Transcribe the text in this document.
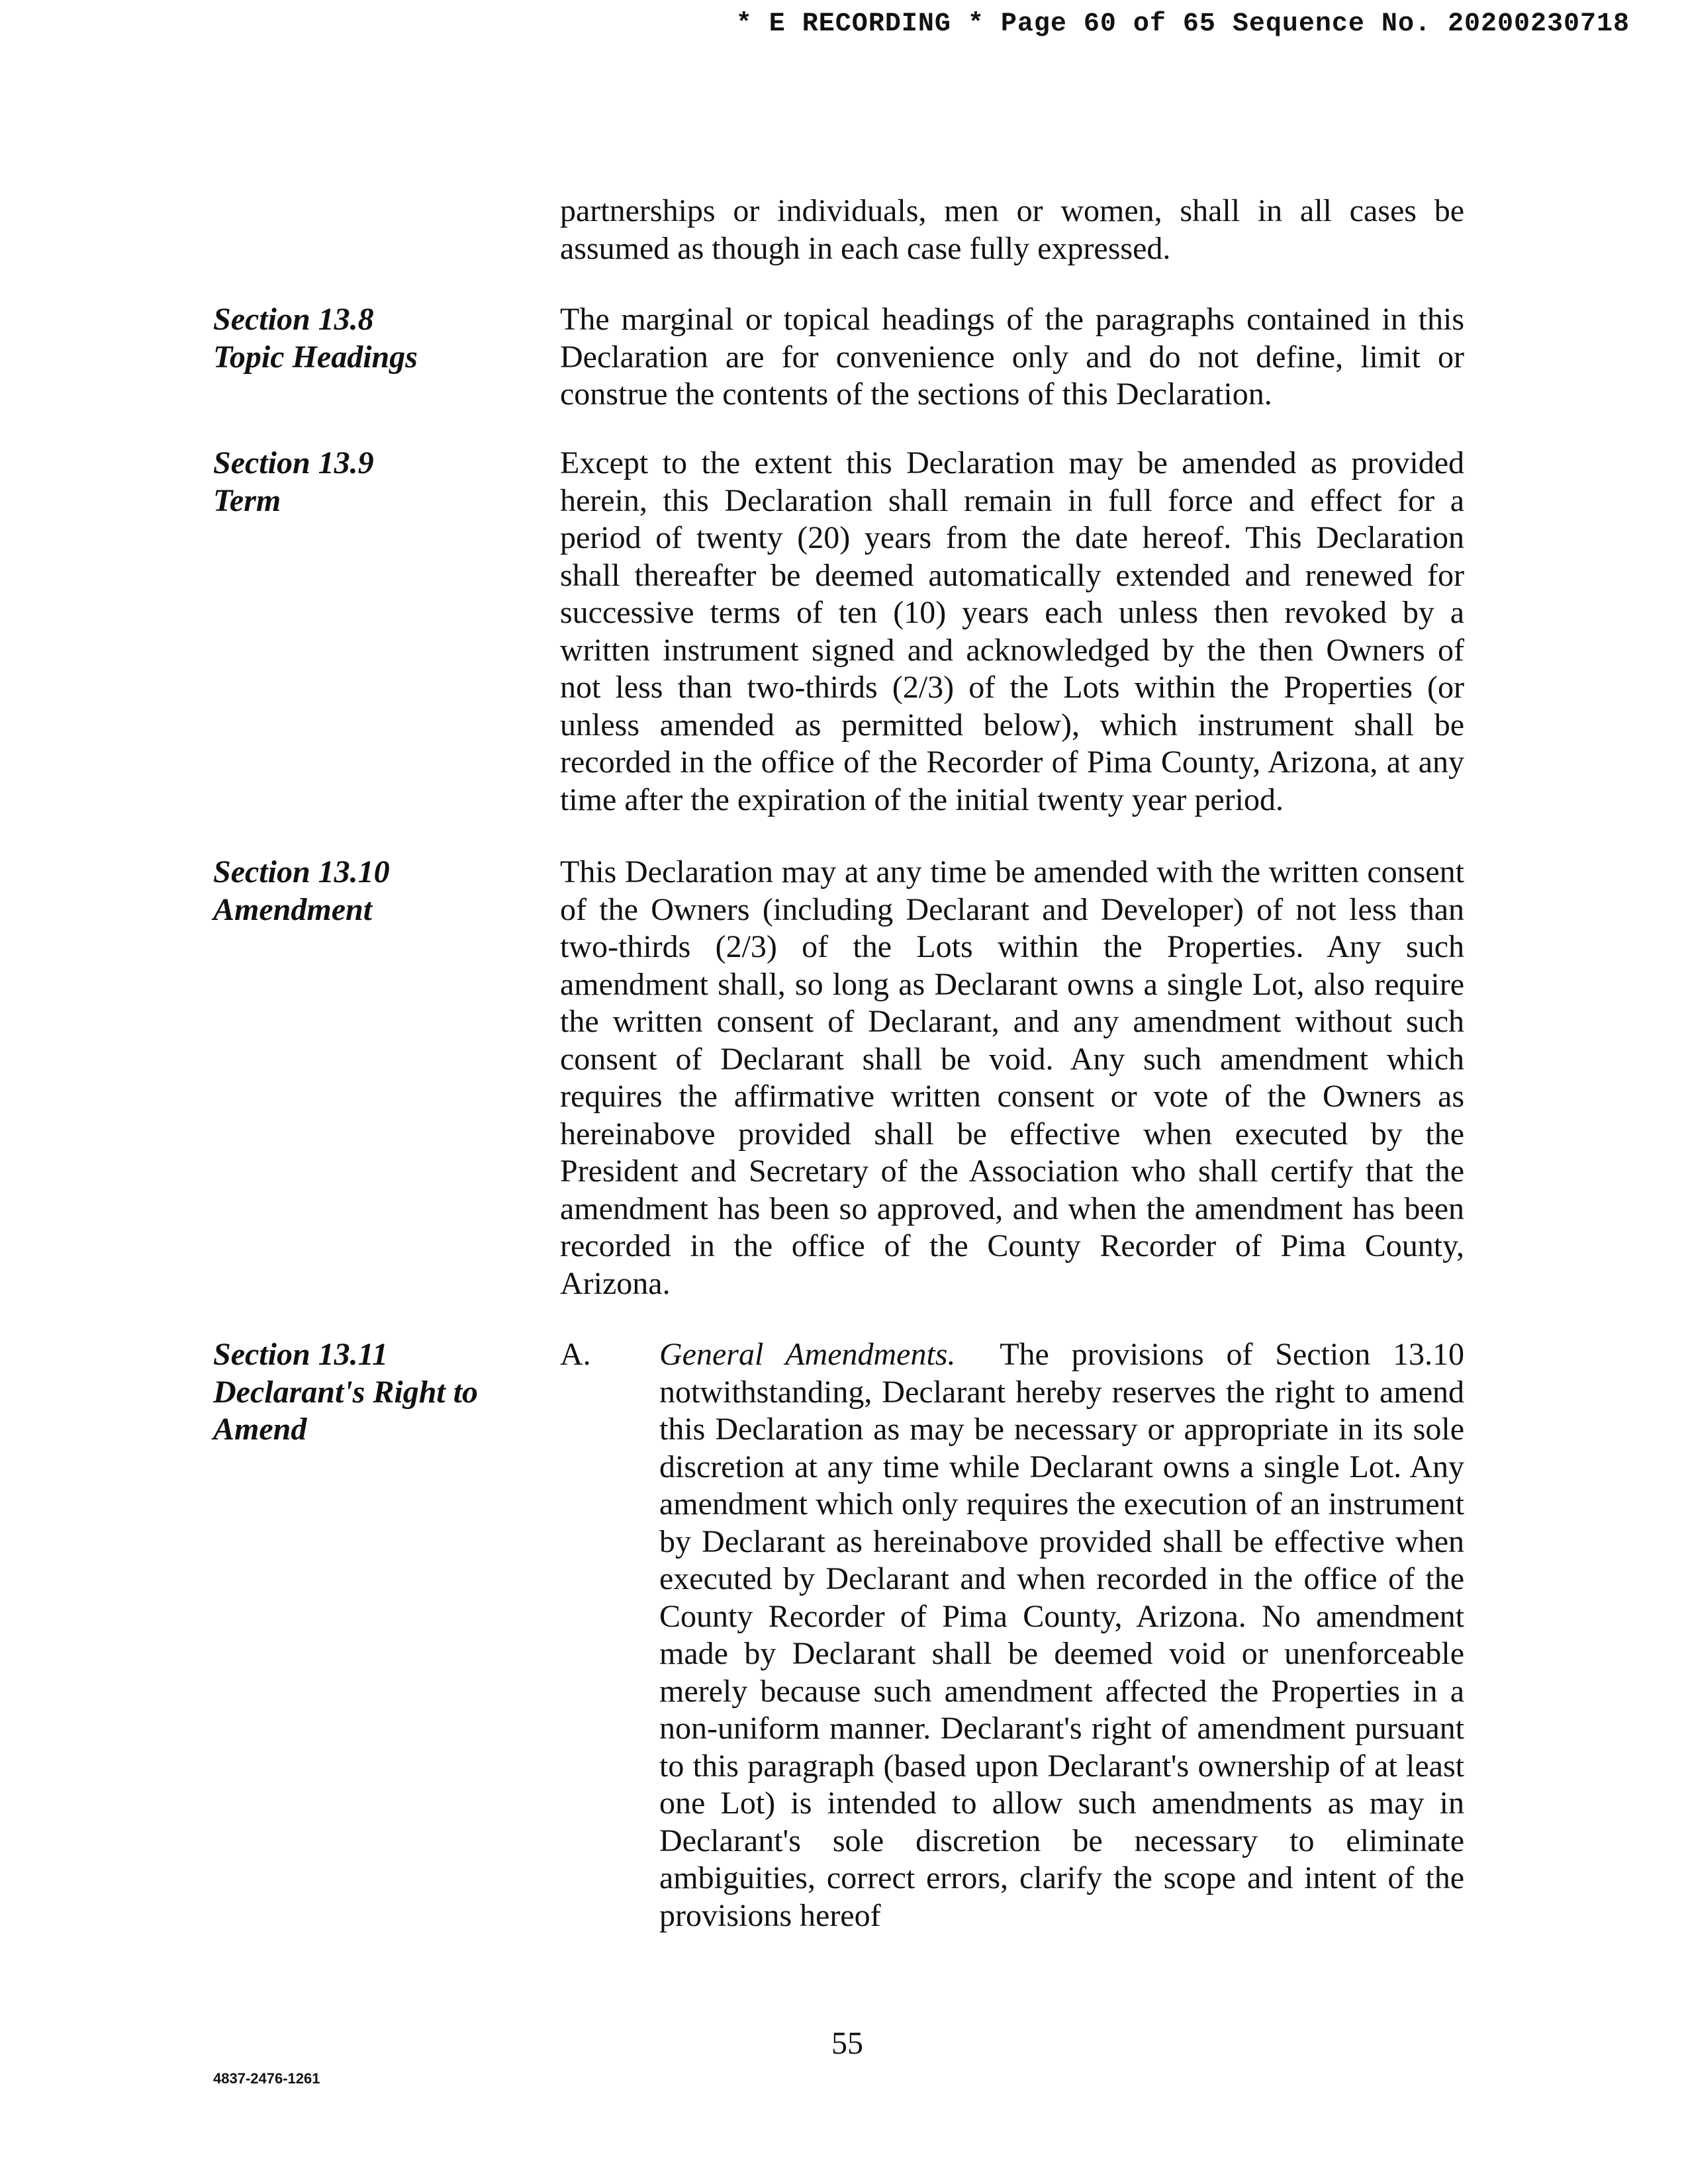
* E RECORDING * Page 60 of 65 Sequence No. 20200230718
partnerships or individuals, men or women, shall in all cases be assumed as though in each case fully expressed.
Section 13.8
Topic Headings
The marginal or topical headings of the paragraphs contained in this Declaration are for convenience only and do not define, limit or construe the contents of the sections of this Declaration.
Section 13.9
Term
Except to the extent this Declaration may be amended as provided herein, this Declaration shall remain in full force and effect for a period of twenty (20) years from the date hereof. This Declaration shall thereafter be deemed automatically extended and renewed for successive terms of ten (10) years each unless then revoked by a written instrument signed and acknowledged by the then Owners of not less than two-thirds (2/3) of the Lots within the Properties (or unless amended as permitted below), which instrument shall be recorded in the office of the Recorder of Pima County, Arizona, at any time after the expiration of the initial twenty year period.
Section 13.10
Amendment
This Declaration may at any time be amended with the written consent of the Owners (including Declarant and Developer) of not less than two-thirds (2/3) of the Lots within the Properties. Any such amendment shall, so long as Declarant owns a single Lot, also require the written consent of Declarant, and any amendment without such consent of Declarant shall be void. Any such amendment which requires the affirmative written consent or vote of the Owners as hereinabove provided shall be effective when executed by the President and Secretary of the Association who shall certify that the amendment has been so approved, and when the amendment has been recorded in the office of the County Recorder of Pima County, Arizona.
Section 13.11
Declarant's Right to
Amend
A. General Amendments. The provisions of Section 13.10 notwithstanding, Declarant hereby reserves the right to amend this Declaration as may be necessary or appropriate in its sole discretion at any time while Declarant owns a single Lot. Any amendment which only requires the execution of an instrument by Declarant as hereinabove provided shall be effective when executed by Declarant and when recorded in the office of the County Recorder of Pima County, Arizona. No amendment made by Declarant shall be deemed void or unenforceable merely because such amendment affected the Properties in a non-uniform manner. Declarant's right of amendment pursuant to this paragraph (based upon Declarant's ownership of at least one Lot) is intended to allow such amendments as may in Declarant's sole discretion be necessary to eliminate ambiguities, correct errors, clarify the scope and intent of the provisions hereof
55
4837-2476-1261
